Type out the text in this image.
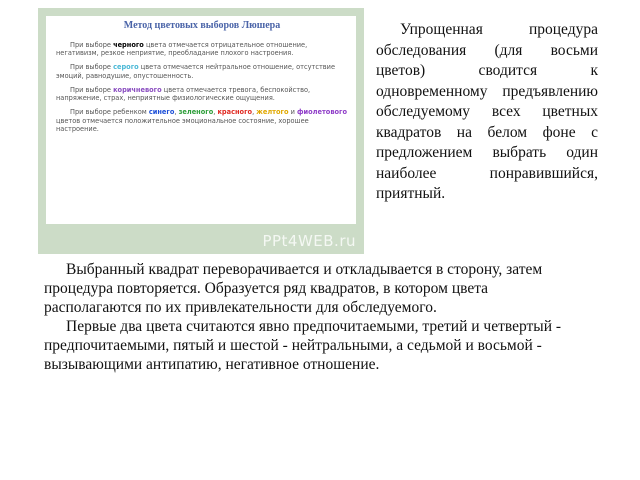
Метод цветовых выборов Люшера

При выборе черного цвета отмечается отрицательное отношение, негативизм, резкое неприятие, преобладание плохого настроения.

При выборе серого цвета отмечается нейтральное отношение, отсутствие эмоций, равнодушие, опустошенность.

При выборе коричневого цвета отмечается тревога, беспокойство, напряжение, страх, неприятные физиологические ощущения.

При выборе ребенком синего, зеленого, красного, желтого и фиолетового цветов отмечается положительное эмоциональное состояние, хорошее настроение.

PPt4WEB.ru

Упрощенная процедура обследования (для восьми цветов) сводится к одновременному предъявлению обследуемому всех цветных квадратов на белом фоне с предложением выбрать один наиболее понравившийся, приятный.

Выбранный квадрат переворачивается и откладывается в сторону, затем процедура повторяется. Образуется ряд квадратов, в котором цвета располагаются по их привлекательности для обследуемого.

Первые два цвета считаются явно предпочитаемыми, третий и четвертый - предпочитаемыми, пятый и шестой - нейтральными, а седьмой и восьмой - вызывающими антипатию, негативное отношение.
